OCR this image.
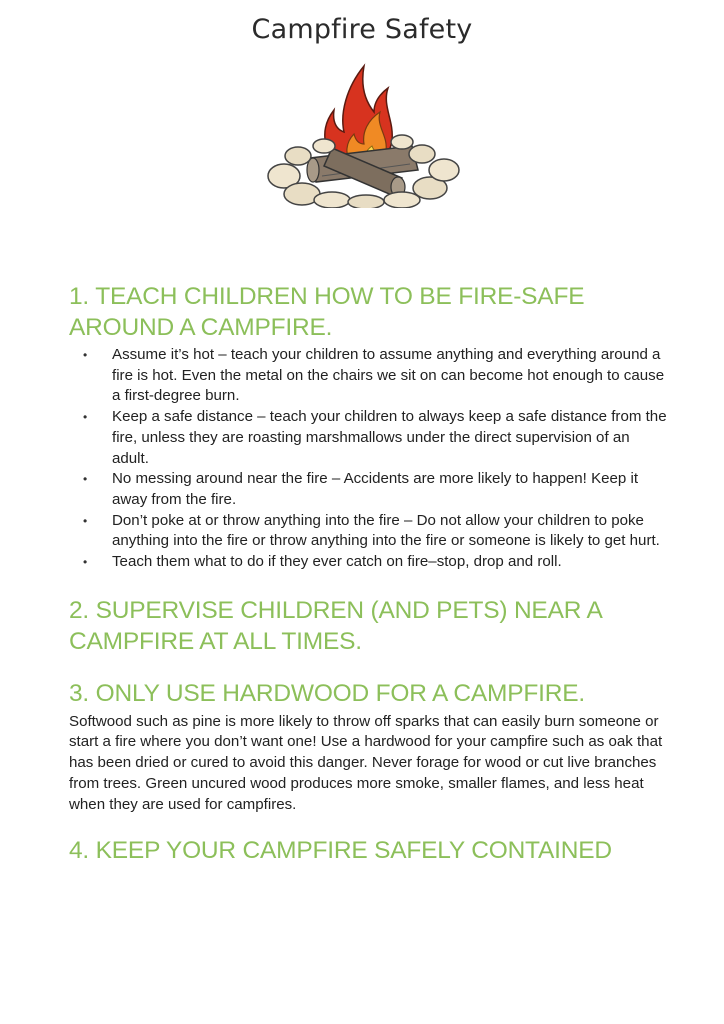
Campfire Safety
1. TEACH CHILDREN HOW TO BE FIRE-SAFE AROUND A CAMPFIRE.
• Assume it’s hot – teach your children to assume anything and everything around a fire is hot. Even the metal on the chairs we sit on can become hot enough to cause a first-degree burn.
• Keep a safe distance – teach your children to always keep a safe distance from the fire, unless they are roasting marshmallows under the direct supervision of an adult.
• No messing around near the fire – Accidents are more likely to happen! Keep it away from the fire.
• Don’t poke at or throw anything into the fire – Do not allow your children to poke anything into the fire or throw anything into the fire or someone is likely to get hurt.
• Teach them what to do if they ever catch on fire–stop, drop and roll.
2. SUPERVISE CHILDREN (AND PETS) NEAR A CAMPFIRE AT ALL TIMES.
3. ONLY USE HARDWOOD FOR A CAMPFIRE.

Softwood such as pine is more likely to throw off sparks that can easily burn someone or start a fire where you don’t want one! Use a hardwood for your campfire such as oak that has been dried or cured to avoid this danger. Never forage for wood or cut live branches from trees. Green uncured wood produces more smoke, smaller flames, and less heat when they are used for campfires.

4. KEEP YOUR CAMPFIRE SAFELY CONTAINED
